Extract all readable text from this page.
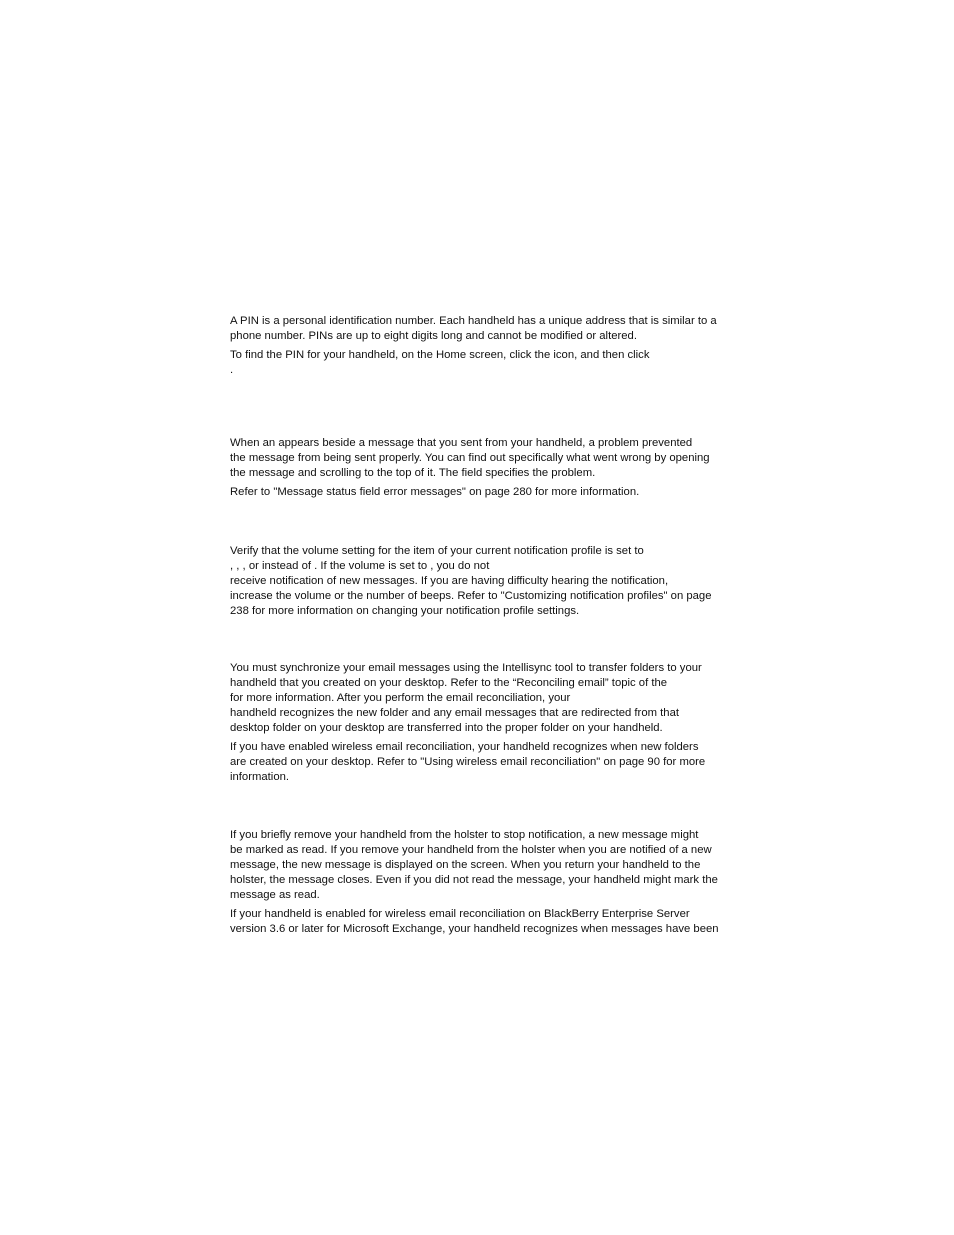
A PIN is a personal identification number. Each handheld has a unique address that is similar to a
phone number. PINs are up to eight digits long and cannot be modified or altered.
To find the PIN for your handheld, on the Home screen, click the icon, and then click
.
When an appears beside a message that you sent from your handheld, a problem prevented
the message from being sent properly. You can find out specifically what went wrong by opening
the message and scrolling to the top of it. The field specifies the problem.
Refer to "Message status field error messages" on page 280 for more information.
Verify that the volume setting for the item of your current notification profile is set to
, , , or instead of . If the volume is set to , you do not
receive notification of new messages. If you are having difficulty hearing the notification,
increase the volume or the number of beeps. Refer to "Customizing notification profiles" on page
238 for more information on changing your notification profile settings.
You must synchronize your email messages using the Intellisync tool to transfer folders to your
handheld that you created on your desktop. Refer to the “Reconciling email” topic of the
for more information. After you perform the email reconciliation, your
handheld recognizes the new folder and any email messages that are redirected from that
desktop folder on your desktop are transferred into the proper folder on your handheld.
If you have enabled wireless email reconciliation, your handheld recognizes when new folders
are created on your desktop. Refer to "Using wireless email reconciliation" on page 90 for more
information.
If you briefly remove your handheld from the holster to stop notification, a new message might
be marked as read. If you remove your handheld from the holster when you are notified of a new
message, the new message is displayed on the screen. When you return your handheld to the
holster, the message closes. Even if you did not read the message, your handheld might mark the
message as read.
If your handheld is enabled for wireless email reconciliation on BlackBerry Enterprise Server
version 3.6 or later for Microsoft Exchange, your handheld recognizes when messages have been
